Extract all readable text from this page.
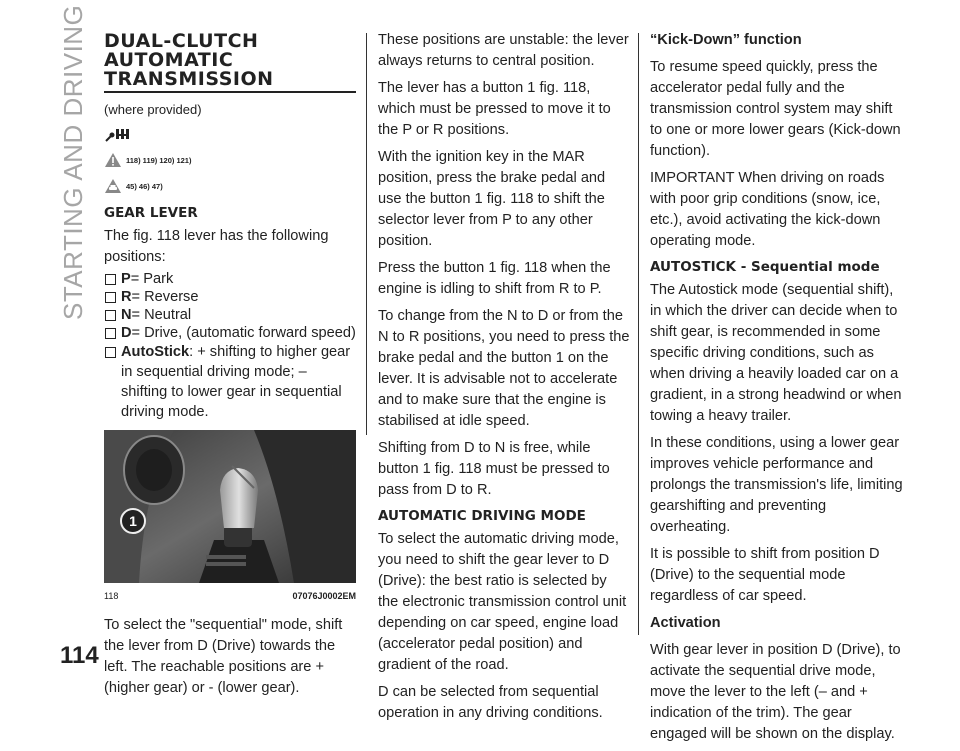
STARTING AND DRIVING
114
DUAL-CLUTCH
AUTOMATIC
TRANSMISSION
(where provided)
118) 119) 120) 121)
45) 46) 47)
GEAR LEVER

The fig. 118 lever has the following positions:

P= Park
R= Reverse
N= Neutral
D= Drive, (automatic forward speed)
AutoStick: + shifting to higher gear in sequential driving mode; – shifting to lower gear in sequential driving mode.
1
118	07076J0002EM

To select the "sequential" mode, shift the lever from D (Drive) towards the left. The reachable positions are + (higher gear) or - (lower gear).

These positions are unstable: the lever always returns to central position.

The lever has a button 1 fig. 118, which must be pressed to move it to the P or R positions.

With the ignition key in the MAR position, press the brake pedal and use the button 1 fig. 118 to shift the selector lever from P to any other position.

Press the button 1 fig. 118 when the engine is idling to shift from R to P.

To change from the N to D or from the N to R positions, you need to press the brake pedal and the button 1 on the lever. It is advisable not to accelerate and to make sure that the engine is stabilised at idle speed.

Shifting from D to N is free, while button 1 fig. 118 must be pressed to pass from D to R.

AUTOMATIC DRIVING MODE

To select the automatic driving mode, you need to shift the gear lever to D (Drive): the best ratio is selected by the electronic transmission control unit depending on car speed, engine load (accelerator pedal position) and gradient of the road.

D can be selected from sequential operation in any driving conditions.

“Kick-Down” function

To resume speed quickly, press the accelerator pedal fully and the transmission control system may shift to one or more lower gears (Kick-down function).

IMPORTANT When driving on roads with poor grip conditions (snow, ice, etc.), avoid activating the kick-down operating mode.

AUTOSTICK - Sequential mode

The Autostick mode (sequential shift), in which the driver can decide when to shift gear, is recommended in some specific driving conditions, such as when driving a heavily loaded car on a gradient, in a strong headwind or when towing a heavy trailer.

In these conditions, using a lower gear improves vehicle performance and prolongs the transmission's life, limiting gearshifting and preventing overheating.

It is possible to shift from position D (Drive) to the sequential mode regardless of car speed.

Activation

With gear lever in position D (Drive), to activate the sequential drive mode, move the lever to the left (– and + indication of the trim). The gear engaged will be shown on the display.
